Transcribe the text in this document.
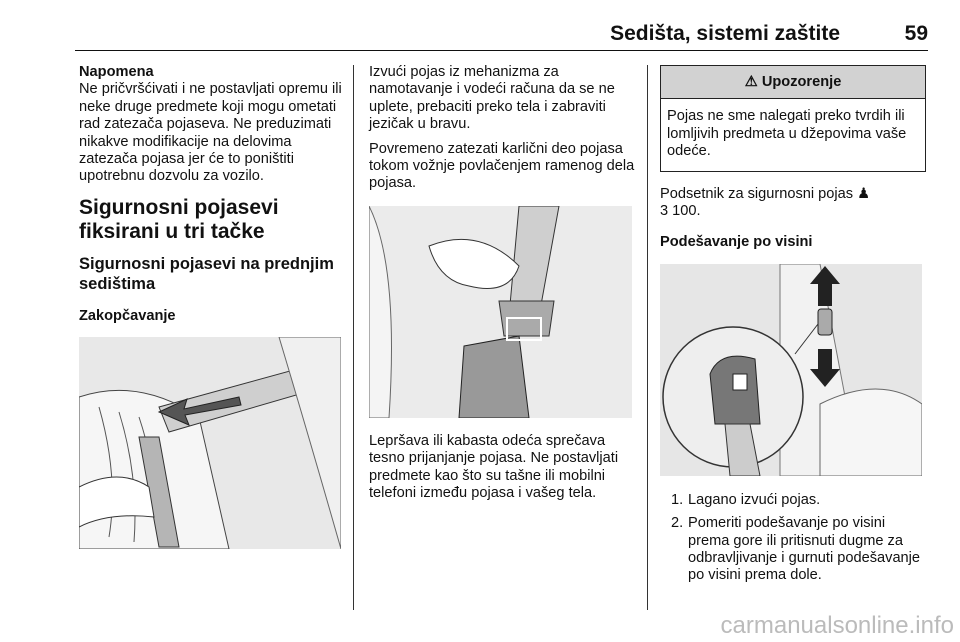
Sedišta, sistemi zaštite	59

Napomena

Ne pričvršćivati i ne postavljati opremu ili neke druge predmete koji mogu ometati rad zatezača pojaseva. Ne preduzimati nikakve modifikacije na delovima zatezača pojasa jer će to poništiti upotrebnu dozvolu za vozilo.

Sigurnosni pojasevi fiksirani u tri tačke

Sigurnosni pojasevi na prednjim sedištima

Zakopčavanje

Izvući pojas iz mehanizma za namotavanje i vodeći računa da se ne uplete, prebaciti preko tela i zabraviti jezičak u bravu.

Povremeno zatezati karlični deo pojasa tokom vožnje povlačenjem ramenog dela pojasa.

Lepršava ili kabasta odeća sprečava tesno prijanjanje pojasa. Ne postavljati predmete kao što su tašne ili mobilni telefoni između pojasa i vašeg tela.

⚠ Upozorenje
Pojas ne sme nalegati preko tvrdih ili lomljivih predmeta u džepovima vaše odeće.

Podsetnik za sigurnosni pojas ♟
3 100.

Podešavanje po visini

1. Lagano izvući pojas.
2. Pomeriti podešavanje po visini prema gore ili pritisnuti dugme za odbravljivanje i gurnuti podešavanje po visini prema dole.
carmanualsonline.info
